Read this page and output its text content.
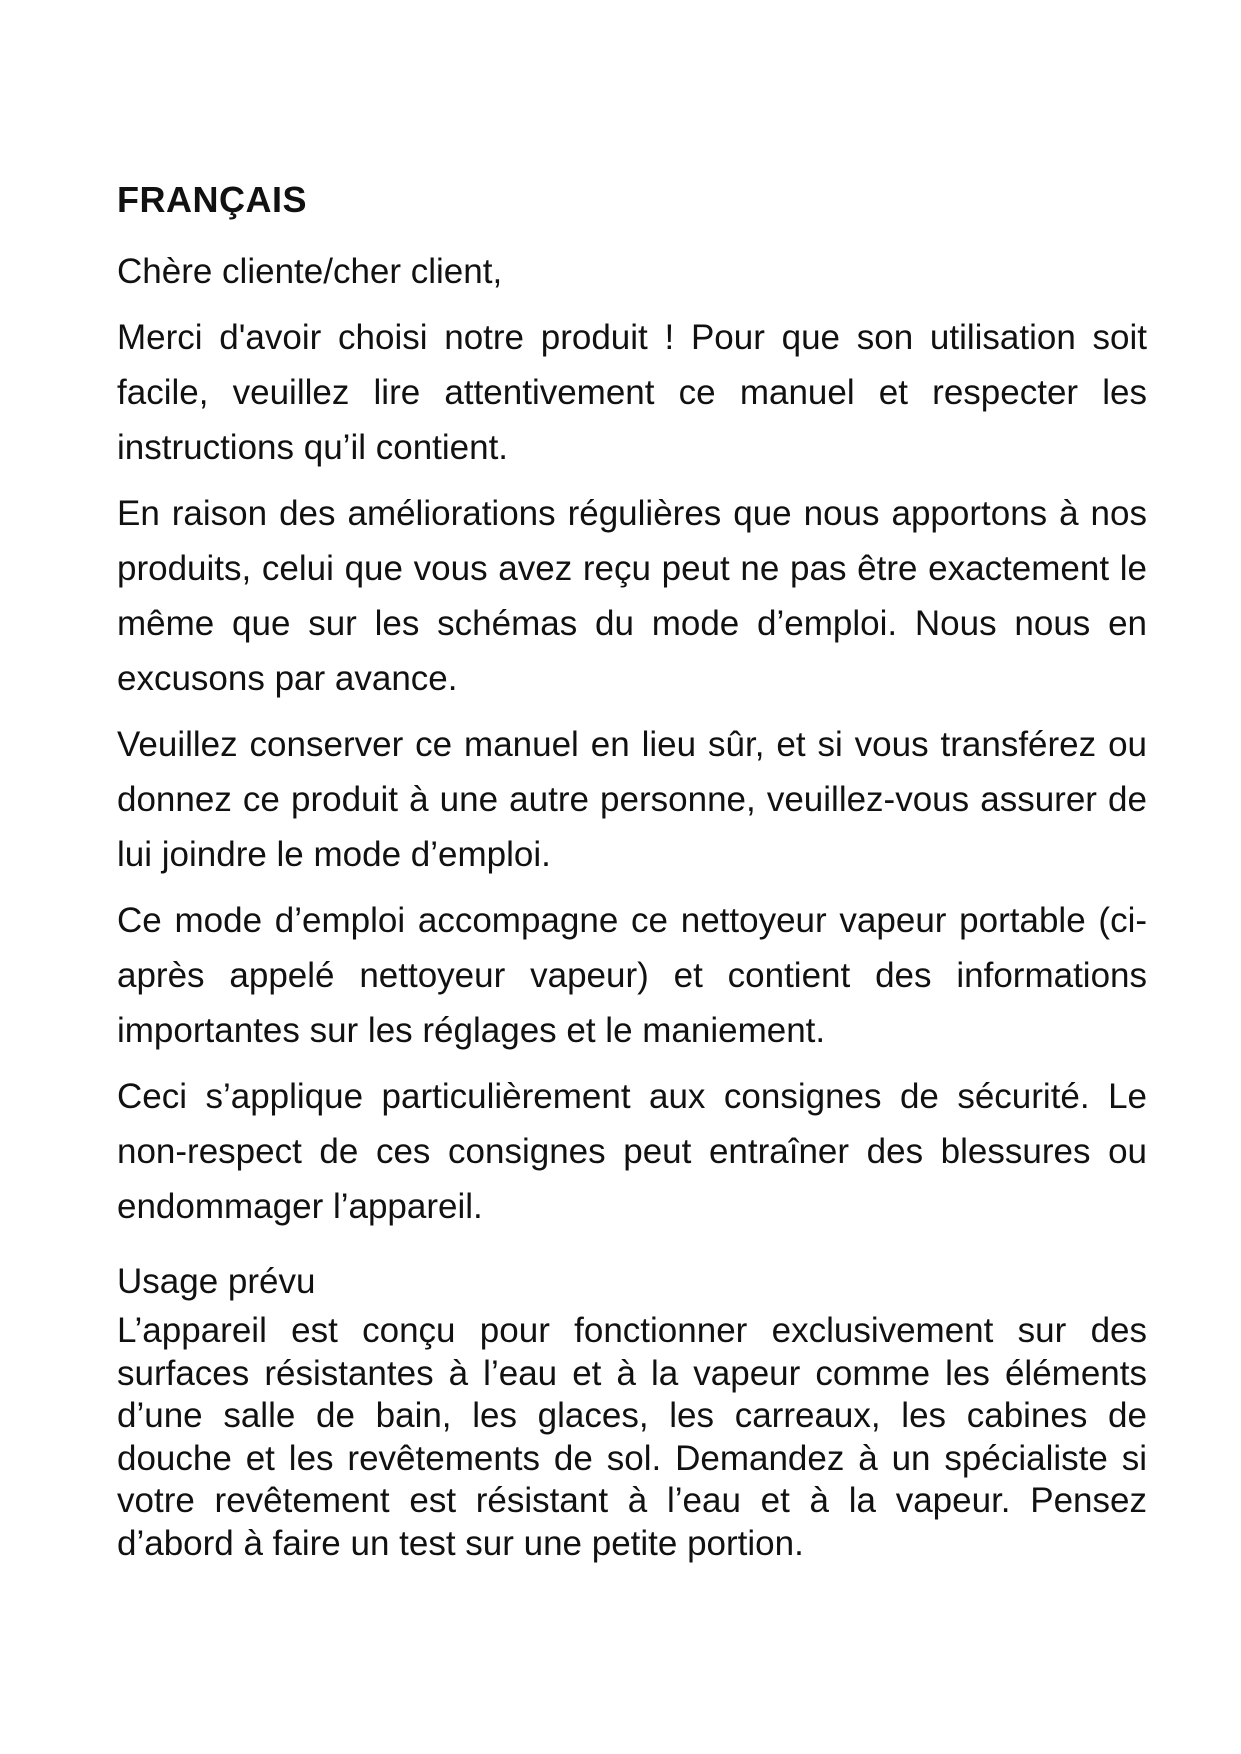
FRANÇAIS

Chère cliente/cher client,

Merci d'avoir choisi notre produit ! Pour que son utilisation soit facile, veuillez lire attentivement ce manuel et respecter les instructions qu’il contient.

En raison des améliorations régulières que nous apportons à nos produits, celui que vous avez reçu peut ne pas être exactement le même que sur les schémas du mode d’emploi. Nous nous en excusons par avance.

Veuillez conserver ce manuel en lieu sûr, et si vous transférez ou donnez ce produit à une autre personne, veuillez-vous assurer de lui joindre le mode d’emploi.

Ce mode d’emploi accompagne ce nettoyeur vapeur portable (ci-après appelé nettoyeur vapeur) et contient des informations importantes sur les réglages et le maniement.

Ceci s’applique particulièrement aux consignes de sécurité. Le non-respect de ces consignes peut entraîner des blessures ou endommager l’appareil.

Usage prévu

L’appareil est conçu pour fonctionner exclusivement sur des surfaces résistantes à l’eau et à la vapeur comme les éléments d’une salle de bain, les glaces, les carreaux, les cabines de douche et les revêtements de sol. Demandez à un spécialiste si votre revêtement est résistant à l’eau et à la vapeur. Pensez d’abord à faire un test sur une petite portion.
